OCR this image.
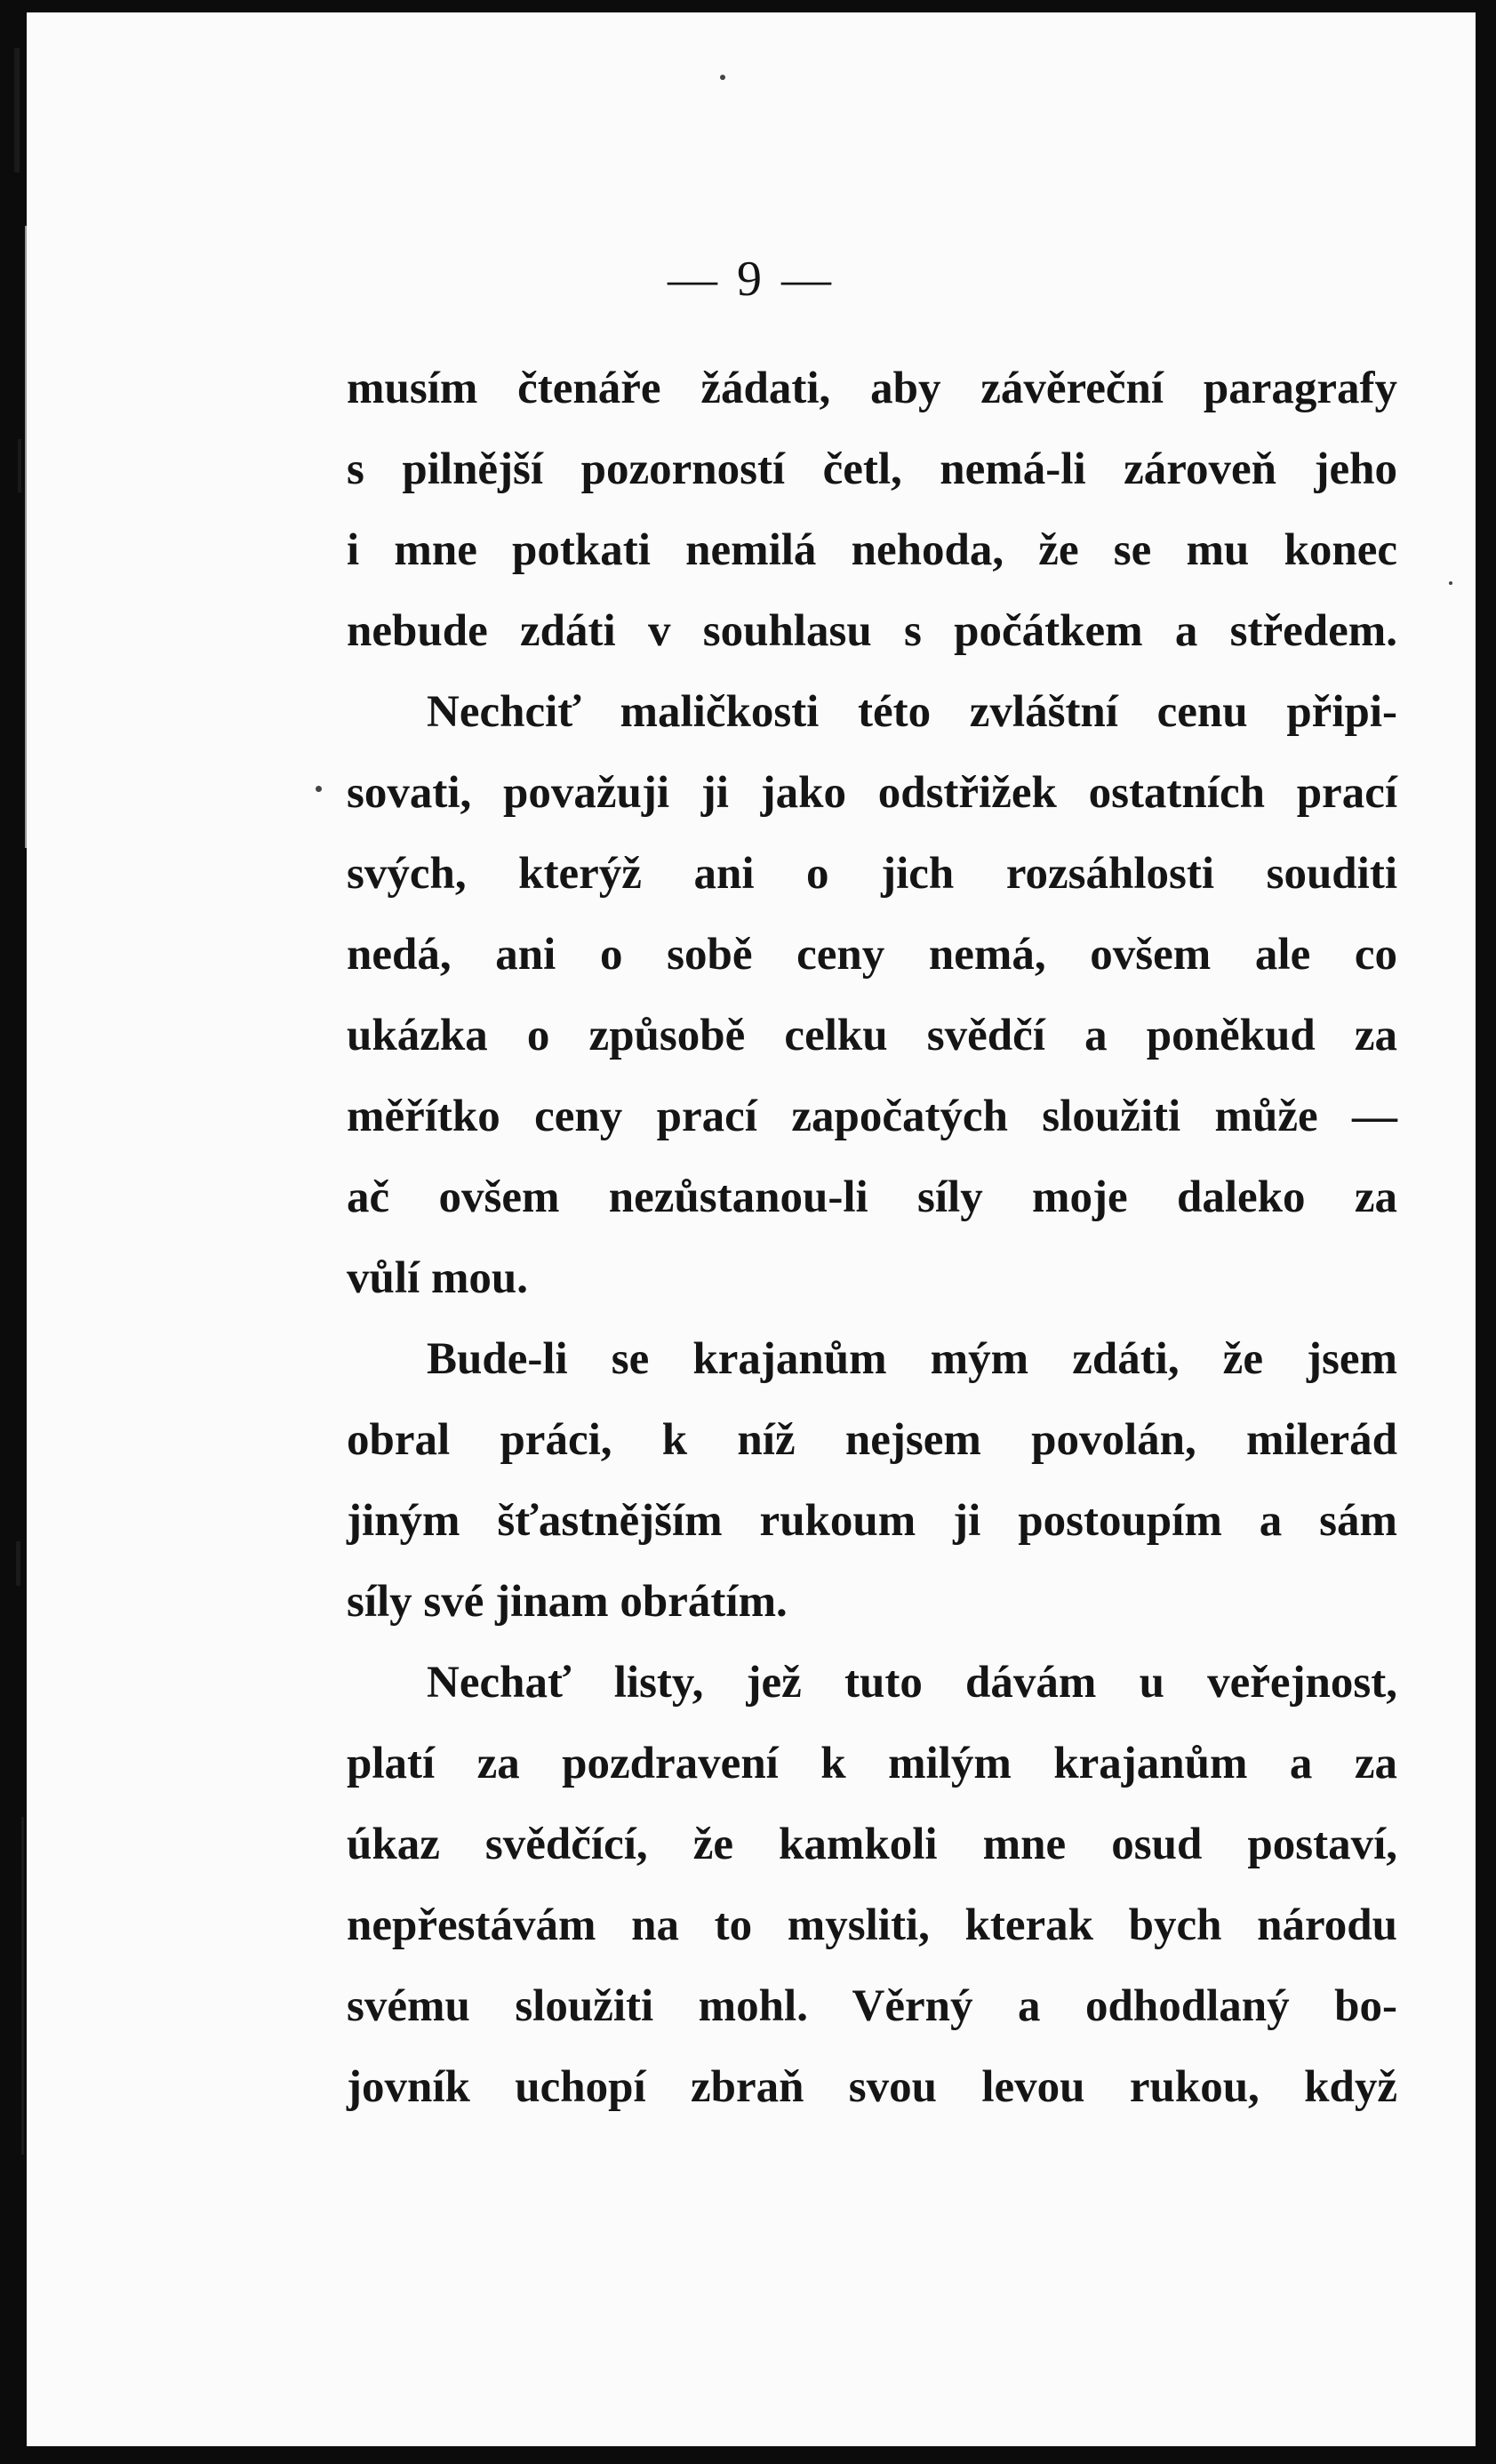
— 9 —
musím čtenáře žádati, aby závěreční paragrafy
s pilnější pozorností četl, nemá-li zároveň jeho
i mne potkati nemilá nehoda, že se mu konec
nebude zdáti v souhlasu s počátkem a středem.
Nechciť maličkosti této zvláštní cenu připi-
sovati, považuji ji jako odstřižek ostatních prací
svých, kterýž ani o jich rozsáhlosti souditi
nedá, ani o sobě ceny nemá, ovšem ale co
ukázka o způsobě celku svědčí a poněkud za
měřítko ceny prací započatých sloužiti může —
ač ovšem nezůstanou-li síly moje daleko za
vůlí mou.
Bude-li se krajanům mým zdáti, že jsem
obral práci, k níž nejsem povolán, milerád
jiným šťastnějším rukoum ji postoupím a sám
síly své jinam obrátím.
Nechať listy, jež tuto dávám u veřejnost,
platí za pozdravení k milým krajanům a za
úkaz svědčící, že kamkoli mne osud postaví,
nepřestávám na to mysliti, kterak bych národu
svému sloužiti mohl. Věrný a odhodlaný bo-
jovník uchopí zbraň svou levou rukou, když
